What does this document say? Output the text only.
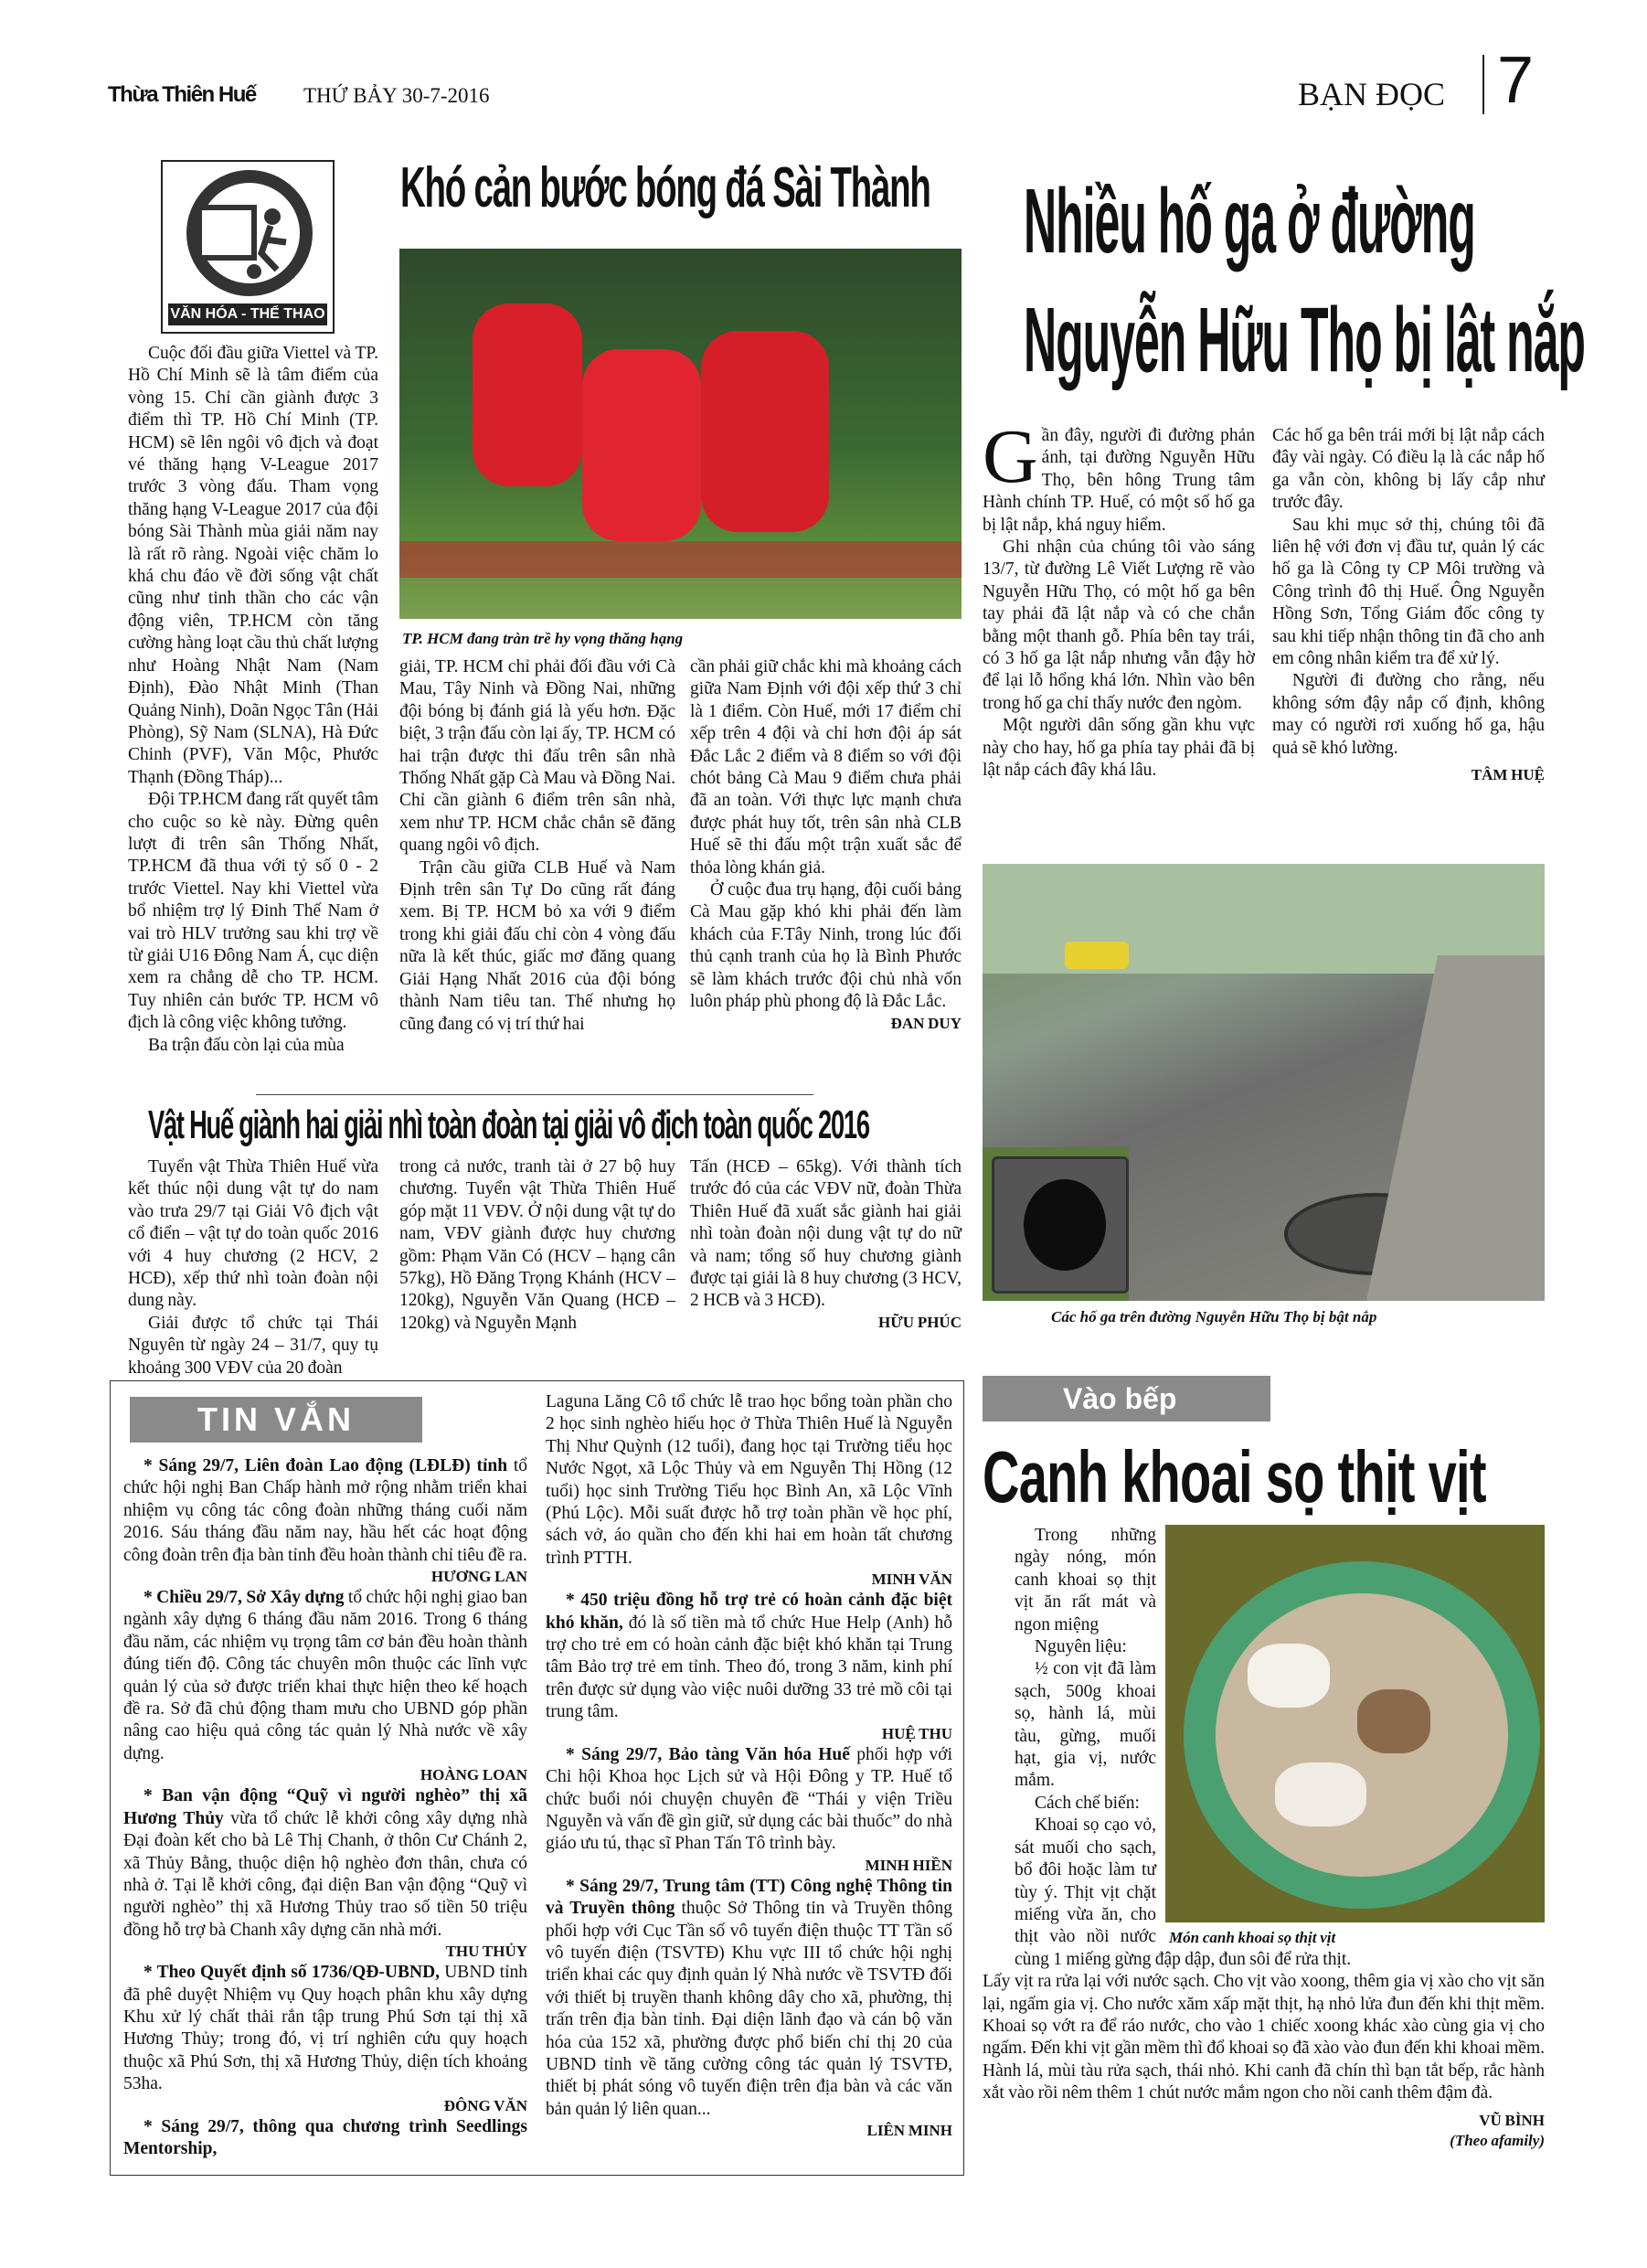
Thừa Thiên Huế THỨ BẢY 30-7-2016	BẠN ĐỌC 7
VĂN HÓA - THỂ THAO
Khó cản bước bóng đá Sài Thành
TP. HCM đang tràn trề hy vọng thăng hạng

Cuộc đối đầu giữa Viettel và TP. Hồ Chí Minh sẽ là tâm điểm của vòng 15. Chỉ cần giành được 3 điểm thì TP. Hồ Chí Minh (TP. HCM) sẽ lên ngôi vô địch và đoạt vé thăng hạng V-League 2017 trước 3 vòng đấu. Tham vọng thăng hạng V-League 2017 của đội bóng Sài Thành mùa giải năm nay là rất rõ ràng. Ngoài việc chăm lo khá chu đáo về đời sống vật chất cũng như tinh thần cho các vận động viên, TP.HCM còn tăng cường hàng loạt cầu thủ chất lượng như Hoàng Nhật Nam (Nam Định), Đào Nhật Minh (Than Quảng Ninh), Doãn Ngọc Tân (Hải Phòng), Sỹ Nam (SLNA), Hà Đức Chinh (PVF), Văn Mộc, Phước Thạnh (Đồng Tháp)...

Đội TP.HCM đang rất quyết tâm cho cuộc so kè này. Đừng quên lượt đi trên sân Thống Nhất, TP.HCM đã thua với tỷ số 0 - 2 trước Viettel. Nay khi Viettel vừa bổ nhiệm trợ lý Đinh Thế Nam ở vai trò HLV trưởng sau khi trợ về từ giải U16 Đông Nam Á, cục diện xem ra chẳng dễ cho TP. HCM. Tuy nhiên cản bước TP. HCM vô địch là công việc không tưởng.

Ba trận đấu còn lại của mùa

giải, TP. HCM chỉ phải đối đầu với Cà Mau, Tây Ninh và Đồng Nai, những đội bóng bị đánh giá là yếu hơn. Đặc biệt, 3 trận đấu còn lại ấy, TP. HCM có hai trận được thi đấu trên sân nhà Thống Nhất gặp Cà Mau và Đồng Nai. Chỉ cần giành 6 điểm trên sân nhà, xem như TP. HCM chắc chắn sẽ đăng quang ngôi vô địch.

Trận cầu giữa CLB Huế và Nam Định trên sân Tự Do cũng rất đáng xem. Bị TP. HCM bỏ xa với 9 điểm trong khi giải đấu chỉ còn 4 vòng đấu nữa là kết thúc, giấc mơ đăng quang Giải Hạng Nhất 2016 của đội bóng thành Nam tiêu tan. Thế nhưng họ cũng đang có vị trí thứ hai

cần phải giữ chắc khi mà khoảng cách giữa Nam Định với đội xếp thứ 3 chỉ là 1 điểm. Còn Huế, mới 17 điểm chỉ xếp trên 4 đội và chỉ hơn đội áp sát Đắc Lắc 2 điểm và 8 điểm so với đội chót bảng Cà Mau 9 điểm chưa phải đã an toàn. Với thực lực mạnh chưa được phát huy tốt, trên sân nhà CLB Huế sẽ thi đấu một trận xuất sắc để thỏa lòng khán giả.

Ở cuộc đua trụ hạng, đội cuối bảng Cà Mau gặp khó khi phải đến làm khách của F.Tây Ninh, trong lúc đối thủ cạnh tranh của họ là Bình Phước sẽ làm khách trước đội chủ nhà vốn luôn pháp phù phong độ là Đắc Lắc.

ĐAN DUY
Nhiều hố ga ở đường
Nguyễn Hữu Thọ bị lật nắp
G ần đây, người đi đường phản ánh, tại đường Nguyễn Hữu Thọ, bên hông Trung tâm Hành chính TP. Huế, có một số hố ga bị lật nắp, khá nguy hiểm.

Ghi nhận của chúng tôi vào sáng 13/7, từ đường Lê Viết Lượng rẽ vào Nguyễn Hữu Thọ, có một hố ga bên tay phải đã lật nắp và có che chắn bằng một thanh gỗ. Phía bên tay trái, có 3 hố ga lật nắp nhưng vẫn đậy hờ để lại lỗ hổng khá lớn. Nhìn vào bên trong hố ga chỉ thấy nước đen ngòm.

Một người dân sống gần khu vực này cho hay, hố ga phía tay phải đã bị lật nắp cách đây khá lâu.

Các hố ga bên trái mới bị lật nắp cách đây vài ngày. Có điều lạ là các nắp hố ga vẫn còn, không bị lấy cắp như trước đây.

Sau khi mục sở thị, chúng tôi đã liên hệ với đơn vị đầu tư, quản lý các hố ga là Công ty CP Môi trường và Công trình đô thị Huế. Ông Nguyễn Hồng Sơn, Tổng Giám đốc công ty sau khi tiếp nhận thông tin đã cho anh em công nhân kiểm tra để xử lý.

Người đi đường cho rằng, nếu không sớm đậy nắp cố định, không may có người rơi xuống hố ga, hậu quả sẽ khó lường.

TÂM HUỆ
Các hố ga trên đường Nguyễn Hữu Thọ bị bật nắp
Vật Huế giành hai giải nhì toàn đoàn tại giải vô địch toàn quốc 2016

Tuyển vật Thừa Thiên Huế vừa kết thúc nội dung vật tự do nam vào trưa 29/7 tại Giải Vô địch vật cổ điển – vật tự do toàn quốc 2016 với 4 huy chương (2 HCV, 2 HCĐ), xếp thứ nhì toàn đoàn nội dung này.

Giải được tổ chức tại Thái Nguyên từ ngày 24 – 31/7, quy tụ khoảng 300 VĐV của 20 đoàn

trong cả nước, tranh tài ở 27 bộ huy chương. Tuyển vật Thừa Thiên Huế góp mặt 11 VĐV. Ở nội dung vật tự do nam, VĐV giành được huy chương gồm: Phạm Văn Có (HCV – hạng cân 57kg), Hồ Đăng Trọng Khánh (HCV – 120kg), Nguyễn Văn Quang (HCĐ – 120kg) và Nguyễn Mạnh

Tấn (HCĐ – 65kg). Với thành tích trước đó của các VĐV nữ, đoàn Thừa Thiên Huế đã xuất sắc giành hai giải nhì toàn đoàn nội dung vật tự do nữ và nam; tổng số huy chương giành được tại giải là 8 huy chương (3 HCV, 2 HCB và 3 HCĐ).

HỮU PHÚC
TIN VẮN

* Sáng 29/7, Liên đoàn Lao động (LĐLĐ) tỉnh tổ chức hội nghị Ban Chấp hành mở rộng nhằm triển khai nhiệm vụ công tác công đoàn những tháng cuối năm 2016. Sáu tháng đầu năm nay, hầu hết các hoạt động công đoàn trên địa bàn tỉnh đều hoàn thành chỉ tiêu đề ra.

HƯƠNG LAN

* Chiều 29/7, Sở Xây dựng tổ chức hội nghị giao ban ngành xây dựng 6 tháng đầu năm 2016. Trong 6 tháng đầu năm, các nhiệm vụ trọng tâm cơ bản đều hoàn thành đúng tiến độ. Công tác chuyên môn thuộc các lĩnh vực quản lý của sở được triển khai thực hiện theo kế hoạch đề ra. Sở đã chủ động tham mưu cho UBND góp phần nâng cao hiệu quả công tác quản lý Nhà nước về xây dựng.

HOÀNG LOAN

* Ban vận động “Quỹ vì người nghèo” thị xã Hương Thủy vừa tổ chức lễ khởi công xây dựng nhà Đại đoàn kết cho bà Lê Thị Chanh, ở thôn Cư Chánh 2, xã Thủy Bằng, thuộc diện hộ nghèo đơn thân, chưa có nhà ở. Tại lễ khởi công, đại diện Ban vận động “Quỹ vì người nghèo” thị xã Hương Thủy trao số tiền 50 triệu đồng hỗ trợ bà Chanh xây dựng căn nhà mới.

THU THỦY

* Theo Quyết định số 1736/QĐ-UBND, UBND tỉnh đã phê duyệt Nhiệm vụ Quy hoạch phân khu xây dựng Khu xử lý chất thải rắn tập trung Phú Sơn tại thị xã Hương Thủy; trong đó, vị trí nghiên cứu quy hoạch thuộc xã Phú Sơn, thị xã Hương Thủy, diện tích khoảng 53ha.

ĐÔNG VĂN

* Sáng 29/7, thông qua chương trình Seedlings Mentorship,

Laguna Lăng Cô tổ chức lễ trao học bổng toàn phần cho 2 học sinh nghèo hiếu học ở Thừa Thiên Huế là Nguyễn Thị Như Quỳnh (12 tuổi), đang học tại Trường tiểu học Nước Ngọt, xã Lộc Thủy và em Nguyễn Thị Hồng (12 tuổi) học sinh Trường Tiểu học Bình An, xã Lộc Vĩnh (Phú Lộc). Mỗi suất được hỗ trợ toàn phần về học phí, sách vở, áo quần cho đến khi hai em hoàn tất chương trình PTTH.

MINH VĂN

* 450 triệu đồng hỗ trợ trẻ có hoàn cảnh đặc biệt khó khăn, đó là số tiền mà tổ chức Hue Help (Anh) hỗ trợ cho trẻ em có hoàn cảnh đặc biệt khó khăn tại Trung tâm Bảo trợ trẻ em tỉnh. Theo đó, trong 3 năm, kinh phí trên được sử dụng vào việc nuôi dưỡng 33 trẻ mồ côi tại trung tâm.

HUỆ THU

* Sáng 29/7, Bảo tàng Văn hóa Huế phối hợp với Chi hội Khoa học Lịch sử và Hội Đông y TP. Huế tổ chức buổi nói chuyện chuyên đề “Thái y viện Triều Nguyễn và vấn đề gìn giữ, sử dụng các bài thuốc” do nhà giáo ưu tú, thạc sĩ Phan Tấn Tô trình bày.

MINH HIỀN

* Sáng 29/7, Trung tâm (TT) Công nghệ Thông tin và Truyền thông thuộc Sở Thông tin và Truyền thông phối hợp với Cục Tần số vô tuyến điện thuộc TT Tần số vô tuyến điện (TSVTĐ) Khu vực III tổ chức hội nghị triển khai các quy định quản lý Nhà nước về TSVTĐ đối với thiết bị truyền thanh không dây cho xã, phường, thị trấn trên địa bàn tỉnh. Đại diện lãnh đạo và cán bộ văn hóa của 152 xã, phường được phổ biến chỉ thị 20 của UBND tỉnh về tăng cường công tác quản lý TSVTĐ, thiết bị phát sóng vô tuyến điện trên địa bàn và các văn bản quản lý liên quan...

LIÊN MINH
Vào bếp
Canh khoai sọ thịt vịt
Món canh khoai sọ thịt vịt

Trong những ngày nóng, món canh khoai sọ thịt vịt ăn rất mát và ngon miệng

Nguyên liệu:

½ con vịt đã làm sạch, 500g khoai sọ, hành lá, mùi tàu, gừng, muối hạt, gia vị, nước mắm.

Cách chế biến:

Khoai sọ cạo vỏ, sát muối cho sạch, bổ đôi hoặc làm tư tùy ý. Thịt vịt chặt miếng vừa ăn, cho thịt vào nồi nước cùng 1 miếng gừng đập dập, đun sôi để rửa thịt.

Lấy vịt ra rửa lại với nước sạch. Cho vịt vào xoong, thêm gia vị xào cho vịt săn lại, ngấm gia vị. Cho nước xăm xấp mặt thịt, hạ nhỏ lửa đun đến khi thịt mềm. Khoai sọ vớt ra để ráo nước, cho vào 1 chiếc xoong khác xào cùng gia vị cho ngấm. Đến khi vịt gần mềm thì đổ khoai sọ đã xào vào đun đến khi khoai mềm. Hành lá, mùi tàu rửa sạch, thái nhỏ. Khi canh đã chín thì bạn tắt bếp, rắc hành xắt vào rồi nêm thêm 1 chút nước mắm ngon cho nồi canh thêm đậm đà.

VŨ BÌNH
(Theo afamily)
